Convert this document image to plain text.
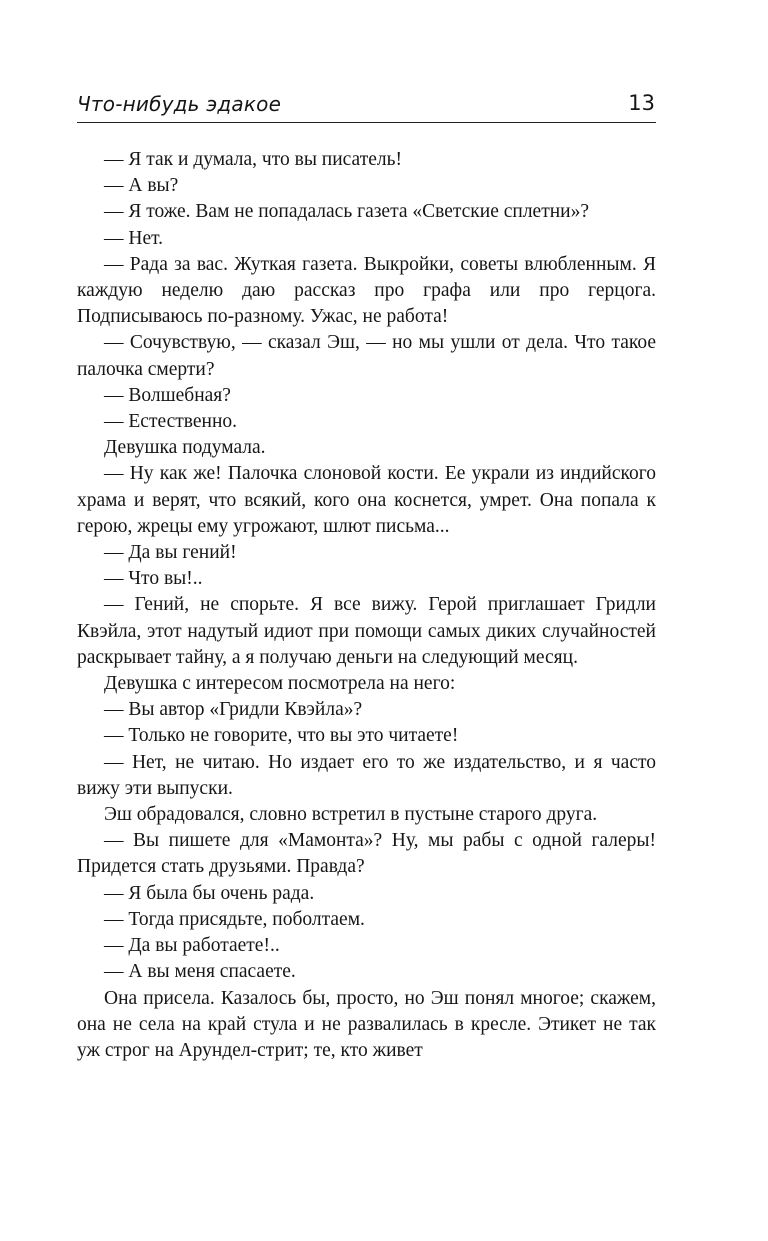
Что-нибудь эдакое	13

— Я так и думала, что вы писатель!

— А вы?

— Я тоже. Вам не попадалась газета «Светские сплетни»?

— Нет.

— Рада за вас. Жуткая газета. Выкройки, советы влюбленным. Я каждую неделю даю рассказ про графа или про герцога. Подписываюсь по-разному. Ужас, не работа!

— Сочувствую, — сказал Эш, — но мы ушли от дела. Что такое палочка смерти?

— Волшебная?

— Естественно.

Девушка подумала.

— Ну как же! Палочка слоновой кости. Ее украли из индийского храма и верят, что всякий, кого она коснется, умрет. Она попала к герою, жрецы ему угрожают, шлют письма...

— Да вы гений!

— Что вы!..

— Гений, не спорьте. Я все вижу. Герой приглашает Гридли Квэйла, этот надутый идиот при помощи самых диких случайностей раскрывает тайну, а я получаю деньги на следующий месяц.

Девушка с интересом посмотрела на него:

— Вы автор «Гридли Квэйла»?

— Только не говорите, что вы это читаете!

— Нет, не читаю. Но издает его то же издательство, и я часто вижу эти выпуски.

Эш обрадовался, словно встретил в пустыне старого друга.

— Вы пишете для «Мамонта»? Ну, мы рабы с одной галеры! Придется стать друзьями. Правда?

— Я была бы очень рада.

— Тогда присядьте, поболтаем.

— Да вы работаете!..

— А вы меня спасаете.

Она присела. Казалось бы, просто, но Эш понял многое; скажем, она не села на край стула и не развалилась в кресле. Этикет не так уж строг на Арундел-стрит; те, кто живет
